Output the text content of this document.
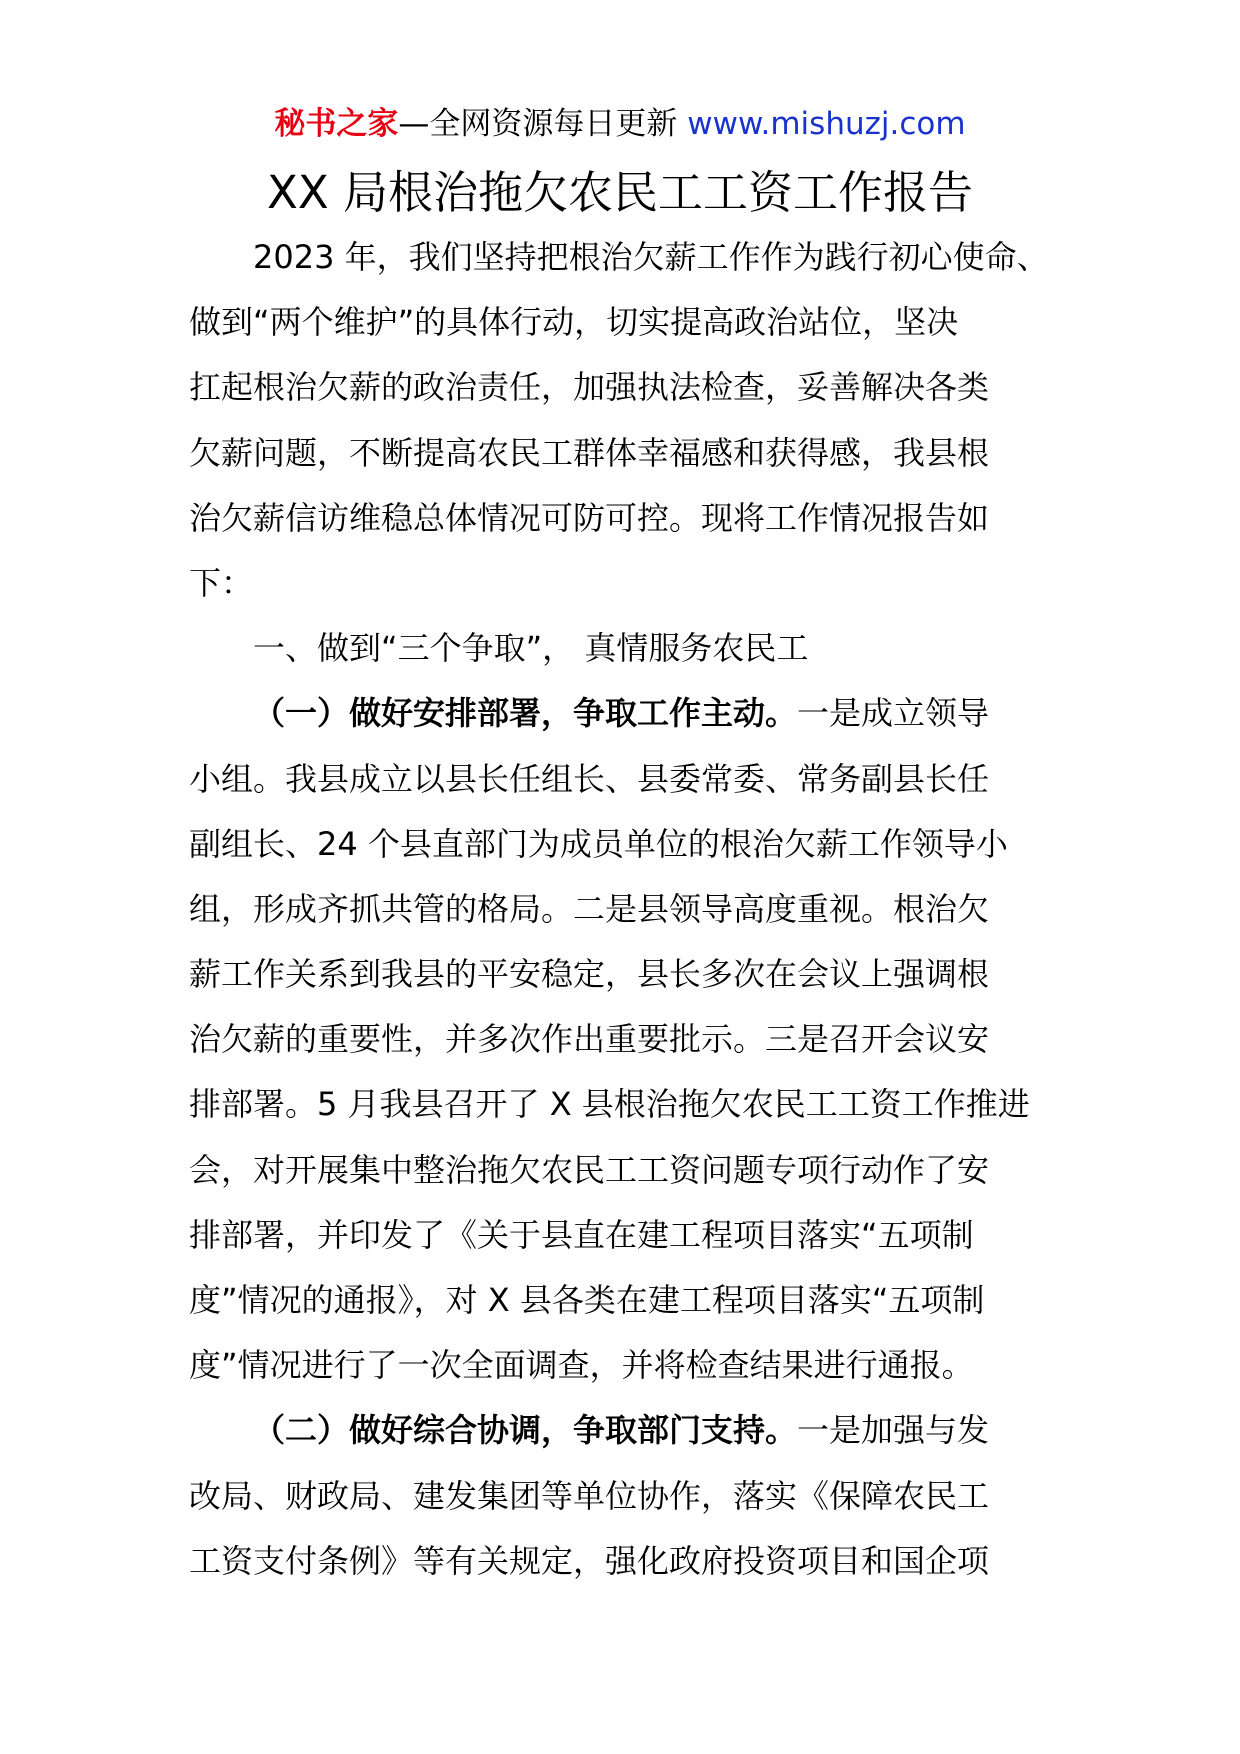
秘书之家—全网资源每日更新 www.mishuzj.com
XX 局根治拖欠农民工工资工作报告
2023 年，我们坚持把根治欠薪工作作为践行初心使命、
做到“两个维护”的具体行动，切实提高政治站位，坚决
扛起根治欠薪的政治责任，加强执法检查，妥善解决各类
欠薪问题，不断提高农民工群体幸福感和获得感，我县根
治欠薪信访维稳总体情况可防可控。现将工作情况报告如
下：
一、做到“三个争取”， 真情服务农民工
（一）做好安排部署，争取工作主动。一是成立领导
小组。我县成立以县长任组长、县委常委、常务副县长任
副组长、24 个县直部门为成员单位的根治欠薪工作领导小
组，形成齐抓共管的格局。二是县领导高度重视。根治欠
薪工作关系到我县的平安稳定，县长多次在会议上强调根
治欠薪的重要性，并多次作出重要批示。三是召开会议安
排部署。5 月我县召开了 X 县根治拖欠农民工工资工作推进
会，对开展集中整治拖欠农民工工资问题专项行动作了安
排部署，并印发了《关于县直在建工程项目落实“五项制
度”情况的通报》，对 X 县各类在建工程项目落实“五项制
度”情况进行了一次全面调查，并将检查结果进行通报。
（二）做好综合协调，争取部门支持。一是加强与发
改局、财政局、建发集团等单位协作，落实《保障农民工
工资支付条例》等有关规定，强化政府投资项目和国企项
